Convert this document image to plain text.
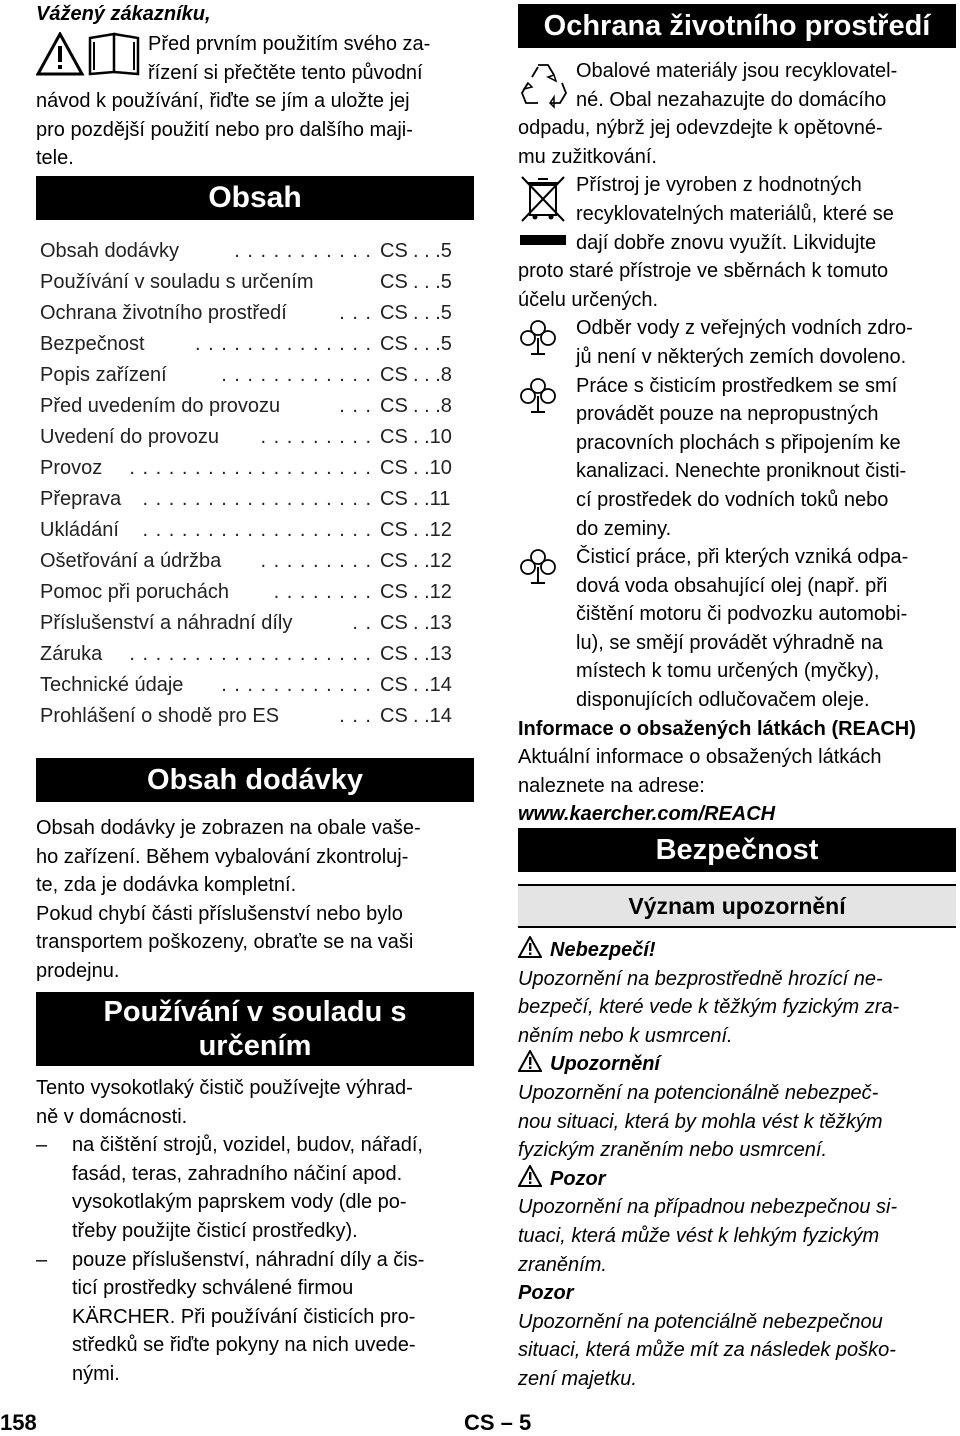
Vážený zákazníku,

Před prvním použitím svého za-

řízení si přečtěte tento původní

návod k používání, řiďte se jím a uložte jej

pro pozdější použití nebo pro dalšího maji-

tele.

Obsah
Obsah dodávky	. . . . . . . . . . . CS . . .5
Používání v souladu s určením	CS . . .5
Ochrana životního prostředí	. . . CS . . .5
Bezpečnost	. . . . . . . . . . . . . . CS . . .5
Popis zařízení	. . . . . . . . . . . . CS . . .8
Před uvedením do provozu	. . . CS . . .8
Uvedení do provozu . . . . . . . . . CS . .10
Provoz . . . . . . . . . . . . . . . . . . . CS . .10
Přeprava . . . . . . . . . . . . . . . . . . CS . .11
Ukládání . . . . . . . . . . . . . . . . . . CS . .12
Ošetřování a údržba . . . . . . . . . CS . .12
Pomoc při poruchách . . . . . . . . CS . .12
Příslušenství a náhradní díly	. . CS . .13
Záruka . . . . . . . . . . . . . . . . . . . CS . .13
Technické údaje . . . . . . . . . . . . CS . .14
Prohlášení o shodě pro ES	. . . CS . .14
Obsah dodávky

Obsah dodávky je zobrazen na obale vaše-

ho zařízení. Během vybalování zkontroluj-

te, zda je dodávka kompletní.

Pokud chybí části příslušenství nebo bylo

transportem poškozeny, obraťte se na vaši

prodejnu.

Používání v souladu s
určením

Tento vysokotlaký čistič používejte výhrad-

ně v domácnosti.

– na čištění strojů, vozidel, budov, nářadí,

fasád, teras, zahradního náčiní apod.

vysokotlakým paprskem vody (dle po-

třeby použijte čisticí prostředky).

– pouze příslušenství, náhradní díly a čis-

ticí prostředky schválené firmou

KÄRCHER. Při používání čisticích pro-

středků se řiďte pokyny na nich uvede-

nými.

Ochrana životního prostředí

Obalové materiály jsou recyklovatel-

né. Obal nezahazujte do domácího

odpadu, nýbrž jej odevzdejte k opětovné-

mu zužitkování.

Přístroj je vyroben z hodnotných

recyklovatelných materiálů, které se

dají dobře znovu využít. Likvidujte

proto staré přístroje ve sběrnách k tomuto

účelu určených.

Odběr vody z veřejných vodních zdro-

jů není v některých zemích dovoleno.

Práce s čisticím prostředkem se smí

provádět pouze na nepropustných

pracovních plochách s připojením ke

kanalizaci. Nenechte proniknout čisti-

cí prostředek do vodních toků nebo

do zeminy.

Čisticí práce, při kterých vzniká odpa-

dová voda obsahující olej (např. při

čištění motoru či podvozku automobi-

lu), se smějí provádět výhradně na

místech k tomu určených (myčky),

disponujících odlučovačem oleje.

Informace o obsažených látkách (REACH)

Aktuální informace o obsažených látkách

naleznete na adrese:

www.kaercher.com/REACH

Bezpečnost
Význam upozornění

Nebezpečí!

Upozornění na bezprostředně hrozící ne-

bezpečí, které vede k těžkým fyzickým zra-

něním nebo k usmrcení.

Upozornění

Upozornění na potencionálně nebezpeč-

nou situaci, která by mohla vést k těžkým

fyzickým zraněním nebo usmrcení.

Pozor

Upozornění na případnou nebezpečnou si-

tuaci, která může vést k lehkým fyzickým

zraněním.

Pozor

Upozornění na potenciálně nebezpečnou

situaci, která může mít za následek poško-

zení majetku.

158	CS – 5
